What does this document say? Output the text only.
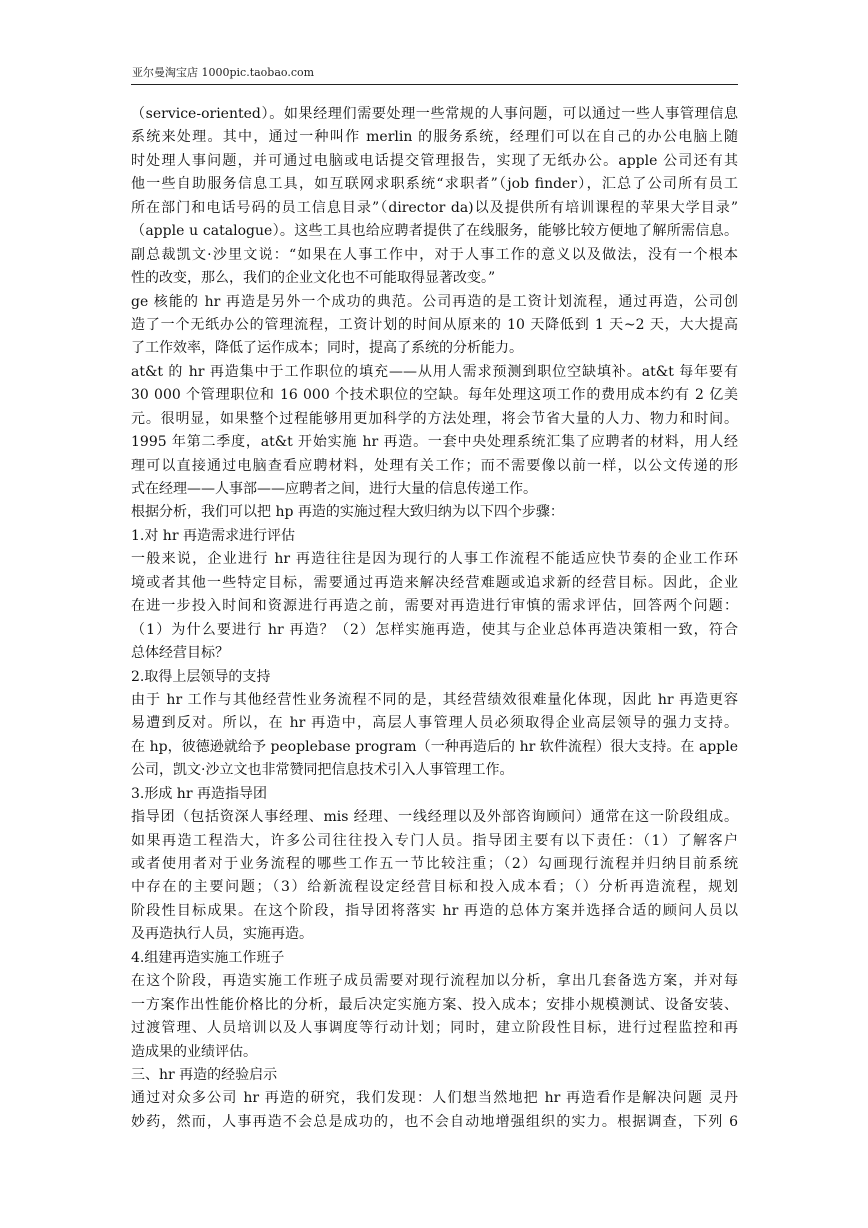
亚尔曼淘宝店 1000pic.taobao.com
（service-oriented）。如果经理们需要处理一些常规的人事问题，可以通过一些人事管理信息
系统来处理。其中，通过一种叫作 merlin 的服务系统，经理们可以在自己的办公电脑上随
时处理人事问题，并可通过电脑或电话提交管理报告，实现了无纸办公。apple 公司还有其
他一些自助服务信息工具，如互联网求职系统“求职者”（job finder），汇总了公司所有员工
所在部门和电话号码的员工信息目录”（director da)以及提供所有培训课程的苹果大学目录”
（apple u catalogue）。这些工具也给应聘者提供了在线服务，能够比较方便地了解所需信息。
副总裁凯文·沙里文说：“如果在人事工作中，对于人事工作的意义以及做法，没有一个根本
性的改变，那么，我们的企业文化也不可能取得显著改变。”
ge 核能的 hr 再造是另外一个成功的典范。公司再造的是工资计划流程，通过再造，公司创
造了一个无纸办公的管理流程，工资计划的时间从原来的 10 天降低到 1 天~2 天，大大提高
了工作效率，降低了运作成本；同时，提高了系统的分析能力。
at&t 的 hr 再造集中于工作职位的填充——从用人需求预测到职位空缺填补。at&t 每年要有
30 000 个管理职位和 16 000 个技术职位的空缺。每年处理这项工作的费用成本约有 2 亿美
元。很明显，如果整个过程能够用更加科学的方法处理，将会节省大量的人力、物力和时间。
1995 年第二季度，at&t 开始实施 hr 再造。一套中央处理系统汇集了应聘者的材料，用人经
理可以直接通过电脑查看应聘材料，处理有关工作；而不需要像以前一样，以公文传递的形
式在经理——人事部——应聘者之间，进行大量的信息传递工作。
根据分析，我们可以把 hp 再造的实施过程大致归纳为以下四个步骤：
1.对 hr 再造需求进行评估
一般来说，企业进行 hr 再造往往是因为现行的人事工作流程不能适应快节奏的企业工作环
境或者其他一些特定目标，需要通过再造来解决经营难题或追求新的经营目标。因此，企业
在进一步投入时间和资源进行再造之前，需要对再造进行审慎的需求评估，回答两个问题：
（1）为什么要进行 hr 再造？（2）怎样实施再造，使其与企业总体再造决策相一致，符合
总体经营目标？
2.取得上层领导的支持
由于 hr 工作与其他经营性业务流程不同的是，其经营绩效很难量化体现，因此 hr 再造更容
易遭到反对。所以，在 hr 再造中，高层人事管理人员必须取得企业高层领导的强力支持。
在 hp，彼德逊就给予 peoplebase program（一种再造后的 hr 软件流程）很大支持。在 apple
公司，凯文·沙立文也非常赞同把信息技术引入人事管理工作。
3.形成 hr 再造指导团
指导团（包括资深人事经理、mis 经理、一线经理以及外部咨询顾问）通常在这一阶段组成。
如果再造工程浩大，许多公司往往投入专门人员。指导团主要有以下责任：（1）了解客户
或者使用者对于业务流程的哪些工作五一节比较注重；（2）勾画现行流程并归纳目前系统
中存在的主要问题；（3）给新流程设定经营目标和投入成本看；（）分析再造流程，规划
阶段性目标成果。在这个阶段，指导团将落实 hr 再造的总体方案并选择合适的顾问人员以
及再造执行人员，实施再造。
4.组建再造实施工作班子
在这个阶段，再造实施工作班子成员需要对现行流程加以分析，拿出几套备选方案，并对每
一方案作出性能价格比的分析，最后决定实施方案、投入成本；安排小规模测试、设备安装、
过渡管理、人员培训以及人事调度等行动计划；同时，建立阶段性目标，进行过程监控和再
造成果的业绩评估。
三、hr 再造的经验启示
通过对众多公司 hr 再造的研究，我们发现：人们想当然地把 hr 再造看作是解决问题 灵丹
妙药，然而，人事再造不会总是成功的，也不会自动地增强组织的实力。根据调查，下列 6
